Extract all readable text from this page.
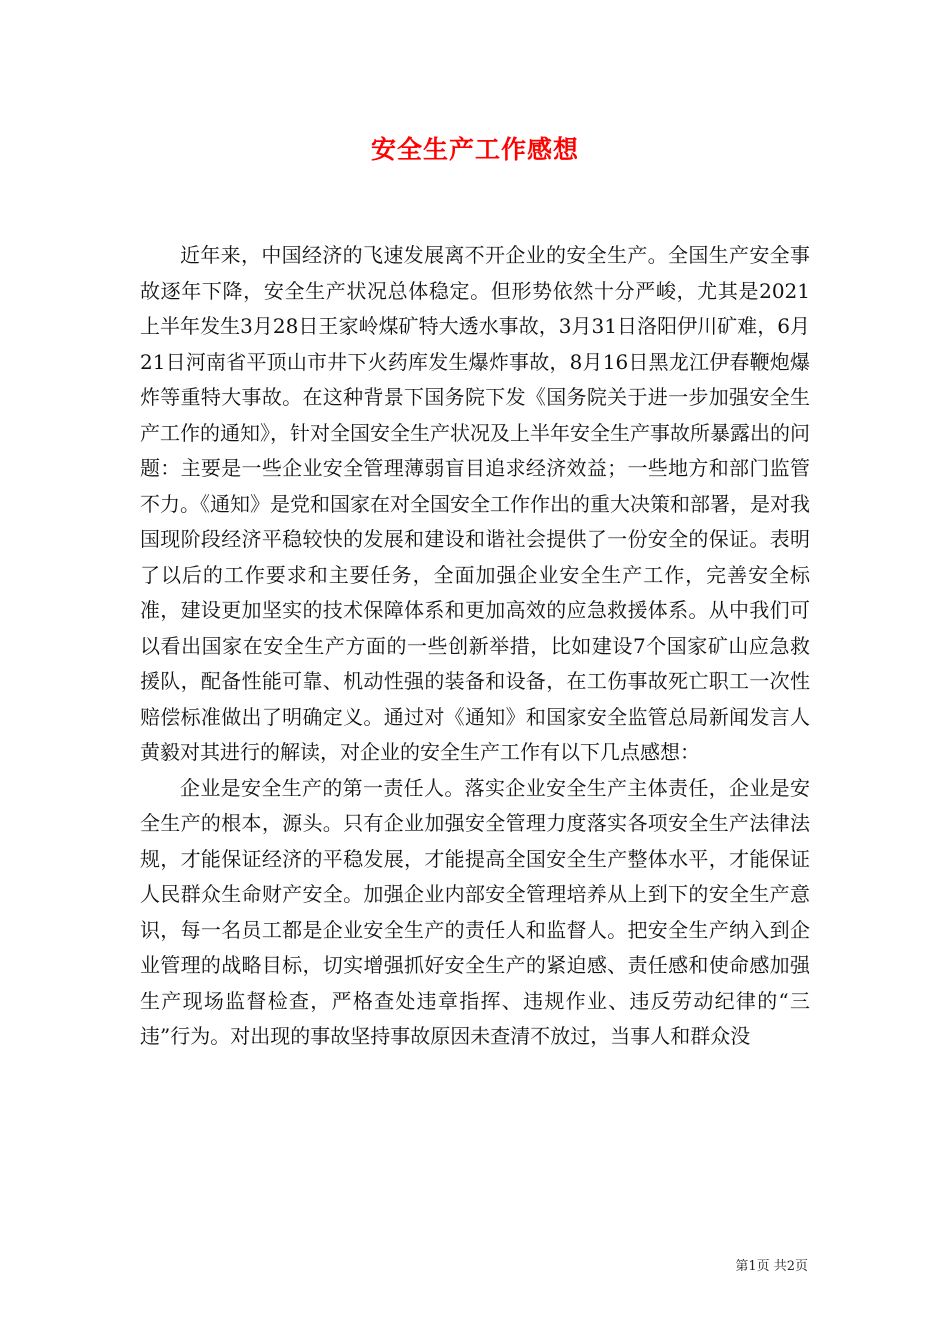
安全生产工作感想

近年来，中国经济的飞速发展离不开企业的安全生产。全国生产安全事故逐年下降，安全生产状况总体稳定。但形势依然十分严峻，尤其是2021上半年发生3月28日王家岭煤矿特大透水事故，3月31日洛阳伊川矿难，6月21日河南省平顶山市井下火药库发生爆炸事故，8月16日黑龙江伊春鞭炮爆炸等重特大事故。在这种背景下国务院下发《国务院关于进一步加强安全生产工作的通知》，针对全国安全生产状况及上半年安全生产事故所暴露出的问题：主要是一些企业安全管理薄弱盲目追求经济效益；一些地方和部门监管不力。《通知》是党和国家在对全国安全工作作出的重大决策和部署，是对我国现阶段经济平稳较快的发展和建设和谐社会提供了一份安全的保证。表明了以后的工作要求和主要任务，全面加强企业安全生产工作，完善安全标准，建设更加坚实的技术保障体系和更加高效的应急救援体系。从中我们可以看出国家在安全生产方面的一些创新举措，比如建设7个国家矿山应急救援队，配备性能可靠、机动性强的装备和设备，在工伤事故死亡职工一次性赔偿标准做出了明确定义。通过对《通知》和国家安全监管总局新闻发言人黄毅对其进行的解读，对企业的安全生产工作有以下几点感想：

企业是安全生产的第一责任人。落实企业安全生产主体责任，企业是安全生产的根本，源头。只有企业加强安全管理力度落实各项安全生产法律法规，才能保证经济的平稳发展，才能提高全国安全生产整体水平，才能保证人民群众生命财产安全。加强企业内部安全管理培养从上到下的安全生产意识，每一名员工都是企业安全生产的责任人和监督人。把安全生产纳入到企业管理的战略目标，切实增强抓好安全生产的紧迫感、责任感和使命感加强生产现场监督检查，严格查处违章指挥、违规作业、违反劳动纪律的“三违”行为。对出现的事故坚持事故原因未查清不放过，当事人和群众没

第1页 共2页
